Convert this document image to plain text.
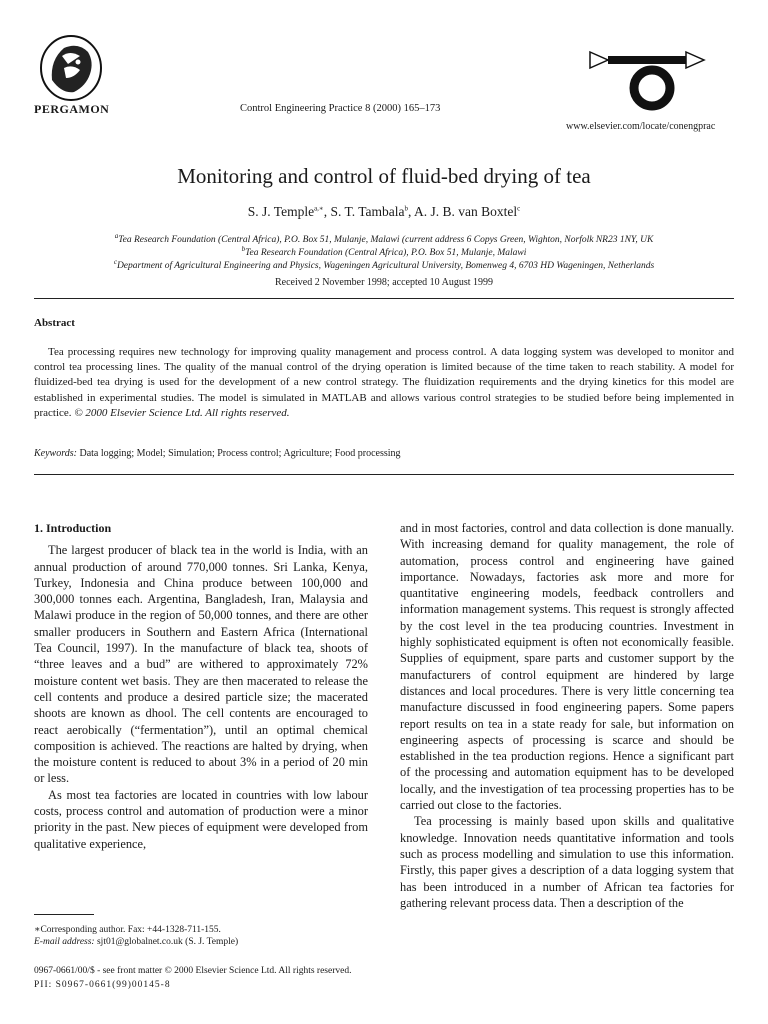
PERGAMON	Control Engineering Practice 8 (2000) 165–173
www.elsevier.com/locate/conengprac
Monitoring and control of fluid-bed drying of tea
S. J. Temple$^{a,∗}$, S. T. Tambala$^b$, A. J. B. van Boxtel$^c$
$^a$Tea Research Foundation (Central Africa), P.O. Box 51, Mulanje, Malawi (current address 6 Copys Green, Wighton, Norfolk NR23 1NY, UK
$^b$Tea Research Foundation (Central Africa), P.O. Box 51, Mulanje, Malawi
$^c$Department of Agricultural Engineering and Physics, Wageningen Agricultural University, Bomenweg 4, 6703 HD Wageningen, Netherlands
Received 2 November 1998; accepted 10 August 1999
Abstract
Tea processing requires new technology for improving quality management and process control. A data logging system was developed to monitor and control tea processing lines. The quality of the manual control of the drying operation is limited because of the time taken to reach stability. A model for fluidized-bed tea drying is used for the development of a new control strategy. The fluidization requirements and the drying kinetics for this model are established in experimental studies. The model is simulated in MATLAB and allows various control strategies to be studied before being implemented in practice. © 2000 Elsevier Science Ltd. All rights reserved.
Keywords: Data logging; Model; Simulation; Process control; Agriculture; Food processing
1. Introduction

The largest producer of black tea in the world is India, with an annual production of around 770,000 tonnes. Sri Lanka, Kenya, Turkey, Indonesia and China produce between 100,000 and 300,000 tonnes each. Argentina, Bangladesh, Iran, Malaysia and Malawi produce in the region of 50,000 tonnes, and there are other smaller producers in Southern and Eastern Africa (International Tea Council, 1997). In the manufacture of black tea, shoots of “three leaves and a bud” are withered to approximately 72% moisture content wet basis. They are then macerated to release the cell contents and produce a desired particle size; the macerated shoots are known as dhool. The cell contents are encouraged to react aerobically (“fermentation”), until an optimal chemical composition is achieved. The reactions are halted by drying, when the moisture content is reduced to about 3% in a period of 20 min or less.

As most tea factories are located in countries with low labour costs, process control and automation of production were a minor priority in the past. New pieces of equipment were developed from qualitative experience,

and in most factories, control and data collection is done manually. With increasing demand for quality management, the role of automation, process control and engineering have gained importance. Nowadays, factories ask more and more for quantitative engineering models, feedback controllers and information management systems. This request is strongly affected by the cost level in the tea producing countries. Investment in highly sophisticated equipment is often not economically feasible. Supplies of equipment, spare parts and customer support by the manufacturers of control equipment are hindered by large distances and local procedures. There is very little concerning tea manufacture discussed in food engineering papers. Some papers report results on tea in a state ready for sale, but information on engineering aspects of processing is scarce and should be established in the tea production regions. Hence a significant part of the processing and automation equipment has to be developed locally, and the investigation of tea processing properties has to be carried out close to the factories.

Tea processing is mainly based upon skills and qualitative knowledge. Innovation needs quantitative information and tools such as process modelling and simulation to use this information. Firstly, this paper gives a description of a data logging system that has been introduced in a number of African tea factories for gathering relevant process data. Then a description of the

∗Corresponding author. Fax: +44-1328-711-155.
E-mail address: sjt01@globalnet.co.uk (S. J. Temple)
0967-0661/00/$ - see front matter © 2000 Elsevier Science Ltd. All rights reserved.
PII: S0967-0661(99)00145-8
